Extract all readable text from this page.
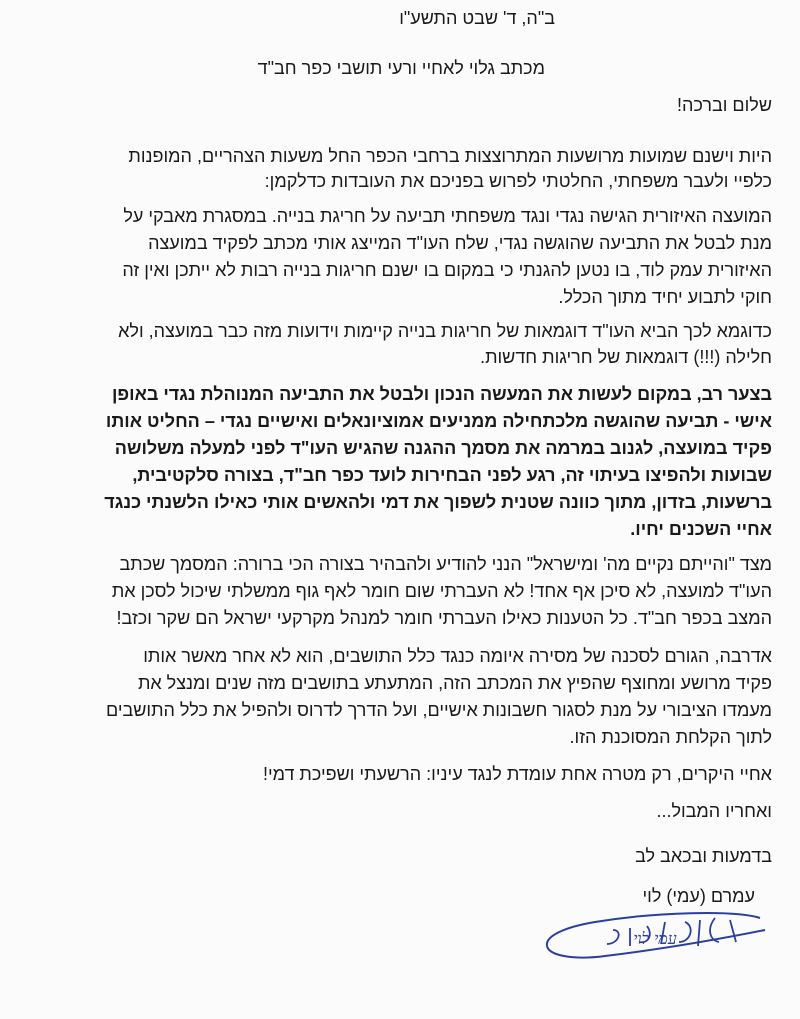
ב"ה, ד' שבט התשע"ו
מכתב גלוי לאחיי ורעי תושבי כפר חב"ד
שלום וברכה!
היות וישנם שמועות מרושעות המתרוצצות ברחבי הכפר החל משעות הצהריים, המופנות
כלפיי ולעבר משפחתי, החלטתי לפרוש בפניכם את העובדות כדלקמן:
המועצה האיזורית הגישה נגדי ונגד משפחתי תביעה על חריגת בנייה. במסגרת מאבקי על
מנת לבטל את התביעה שהוגשה נגדי, שלח העו"ד המייצג אותי מכתב לפקיד במועצה
האיזורית עמק לוד, בו נטען להגנתי כי במקום בו ישנם חריגות בנייה רבות לא ייתכן ואין זה
חוקי לתבוע יחיד מתוך הכלל.
כדוגמא לכך הביא העו"ד דוגמאות של חריגות בנייה קיימות וידועות מזה כבר במועצה, ולא
חלילה (!!!) דוגמאות של חריגות חדשות.
בצער רב, במקום לעשות את המעשה הנכון ולבטל את התביעה המנוהלת נגדי באופן
אישי - תביעה שהוגשה מלכתחילה ממניעים אמוציונאלים ואישיים נגדי – החליט אותו
פקיד במועצה, לגנוב במרמה את מסמך ההגנה שהגיש העו"ד לפני למעלה משלושה
שבועות ולהפיצו בעיתוי זה, רגע לפני הבחירות לועד כפר חב"ד, בצורה סלקטיבית,
ברשעות, בזדון, מתוך כוונה שטנית לשפוך את דמי ולהאשים אותי כאילו הלשנתי כנגד
אחיי השכנים יחיו.
מצד "והייתם נקיים מה' ומישראל" הנני להודיע ולהבהיר בצורה הכי ברורה: המסמך שכתב
העו"ד למועצה, לא סיכן אף אחד! לא העברתי שום חומר לאף גוף ממשלתי שיכול לסכן את
המצב בכפר חב"ד. כל הטענות כאילו העברתי חומר למנהל מקרקעי ישראל הם שקר וכזב!
אדרבה, הגורם לסכנה של מסירה איומה כנגד כלל התושבים, הוא לא אחר מאשר אותו
פקיד מרושע ומחוצף שהפיץ את המכתב הזה, המתעתע בתושבים מזה שנים ומנצל את
מעמדו הציבורי על מנת לסגור חשבונות אישיים, ועל הדרך לדרוס ולהפיל את כלל התושבים
לתוך הקלחת המסוכנת הזו.
אחיי היקרים, רק מטרה אחת עומדת לנגד עיניו: הרשעתי ושפיכת דמי!
ואחריו המבול...
בדמעות ובכאב לב
עמרם (עמי) לוי
עמי לוי
